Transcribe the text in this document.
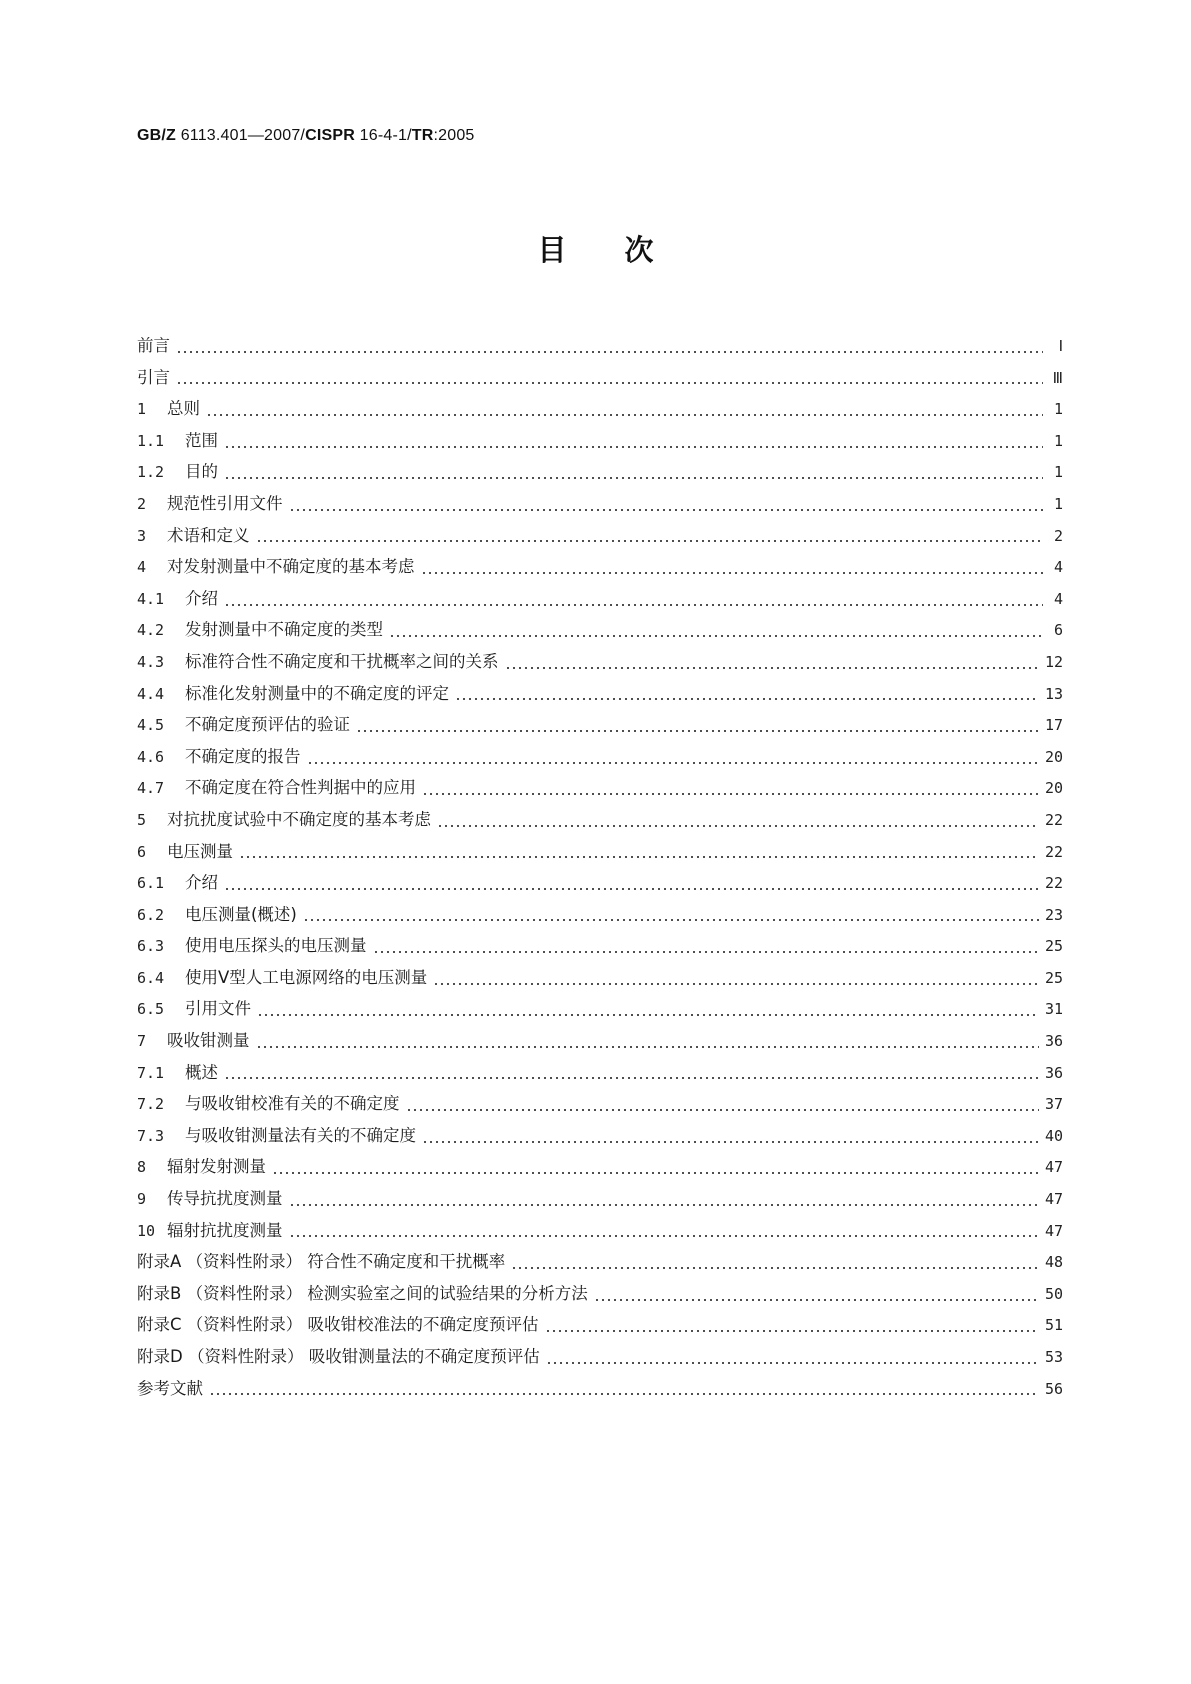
GB/Z 6113.401—2007/CISPR 16-4-1/TR:2005
目 次
前言	Ⅰ
引言	Ⅲ
1	总则	1
1.1	范围	1
1.2	目的	1
2	规范性引用文件	1
3	术语和定义	2
4	对发射测量中不确定度的基本考虑	4
4.1	介绍	4
4.2	发射测量中不确定度的类型	6
4.3	标准符合性不确定度和干扰概率之间的关系	12
4.4	标准化发射测量中的不确定度的评定	13
4.5	不确定度预评估的验证	17
4.6	不确定度的报告	20
4.7	不确定度在符合性判据中的应用	20
5	对抗扰度试验中不确定度的基本考虑	22
6	电压测量	22
6.1	介绍	22
6.2	电压测量(概述)	23
6.3	使用电压探头的电压测量	25
6.4	使用V型人工电源网络的电压测量	25
6.5	引用文件	31
7	吸收钳测量	36
7.1	概述	36
7.2	与吸收钳校准有关的不确定度	37
7.3	与吸收钳测量法有关的不确定度	40
8	辐射发射测量	47
9	传导抗扰度测量	47
10 辐射抗扰度测量	47
附录A （资料性附录） 符合性不确定度和干扰概率	48
附录B （资料性附录） 检测实验室之间的试验结果的分析方法	50
附录C （资料性附录） 吸收钳校准法的不确定度预评估	51
附录D （资料性附录） 吸收钳测量法的不确定度预评估	53
参考文献	56
